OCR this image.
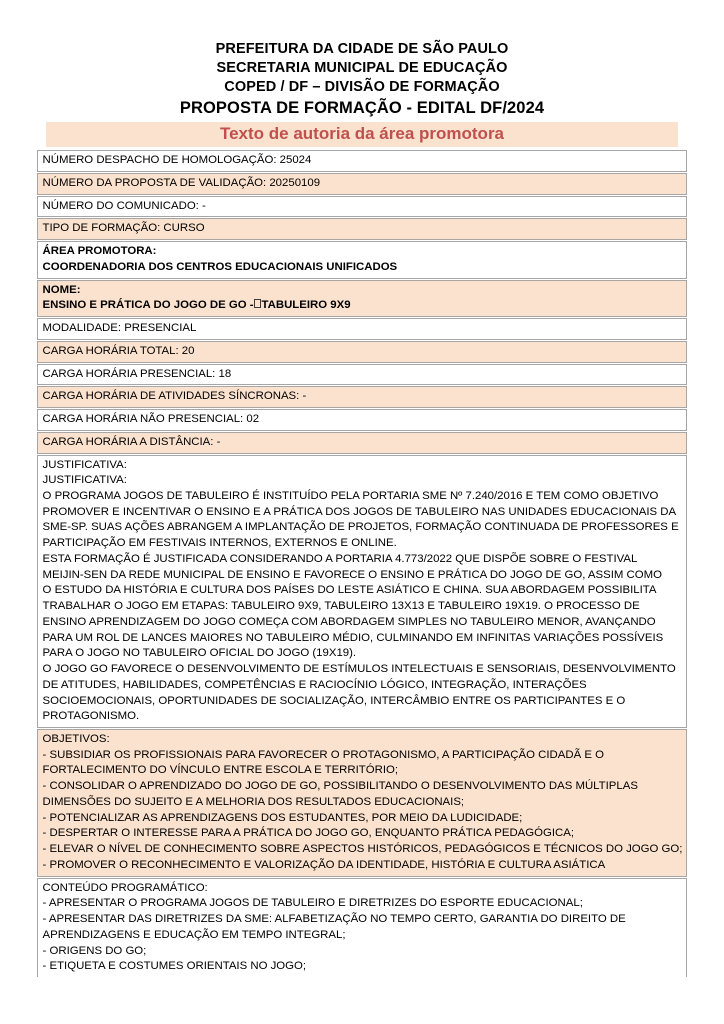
PREFEITURA DA CIDADE DE SÃO PAULO
SECRETARIA MUNICIPAL DE EDUCAÇÃO
COPED / DF – DIVISÃO DE FORMAÇÃO
PROPOSTA DE FORMAÇÃO - EDITAL DF/2024
Texto de autoria da área promotora
NÚMERO DESPACHO DE HOMOLOGAÇÃO: 25024
NÚMERO DA PROPOSTA DE VALIDAÇÃO: 20250109
NÚMERO DO COMUNICADO: -
TIPO DE FORMAÇÃO: CURSO

ÁREA PROMOTORA:
COORDENADORIA DOS CENTROS EDUCACIONAIS UNIFICADOS

NOME:
ENSINO E PRÁTICA DO JOGO DE GO - TABULEIRO 9X9

MODALIDADE: PRESENCIAL
CARGA HORÁRIA TOTAL: 20
CARGA HORÁRIA PRESENCIAL: 18
CARGA HORÁRIA DE ATIVIDADES SÍNCRONAS: -
CARGA HORÁRIA NÃO PRESENCIAL: 02
CARGA HORÁRIA A DISTÂNCIA: -

JUSTIFICATIVA:
JUSTIFICATIVA:
O PROGRAMA JOGOS DE TABULEIRO É INSTITUÍDO PELA PORTARIA SME Nº 7.240/2016 E TEM COMO OBJETIVO
PROMOVER E INCENTIVAR O ENSINO E A PRÁTICA DOS JOGOS DE TABULEIRO NAS UNIDADES EDUCACIONAIS DA
SME-SP. SUAS AÇÕES ABRANGEM A IMPLANTAÇÃO DE PROJETOS, FORMAÇÃO CONTINUADA DE PROFESSORES E
PARTICIPAÇÃO EM FESTIVAIS INTERNOS, EXTERNOS E ONLINE.
ESTA FORMAÇÃO É JUSTIFICADA CONSIDERANDO A PORTARIA 4.773/2022 QUE DISPÕE SOBRE O FESTIVAL
MEIJIN-SEN DA REDE MUNICIPAL DE ENSINO E FAVORECE O ENSINO E PRÁTICA DO JOGO DE GO, ASSIM COMO
O ESTUDO DA HISTÓRIA E CULTURA DOS PAÍSES DO LESTE ASIÁTICO E CHINA. SUA ABORDAGEM POSSIBILITA
TRABALHAR O JOGO EM ETAPAS: TABULEIRO 9X9, TABULEIRO 13X13 E TABULEIRO 19X19. O PROCESSO DE
ENSINO APRENDIZAGEM DO JOGO COMEÇA COM ABORDAGEM SIMPLES NO TABULEIRO MENOR, AVANÇANDO
PARA UM ROL DE LANCES MAIORES NO TABULEIRO MÉDIO, CULMINANDO EM INFINITAS VARIAÇÕES POSSÍVEIS
PARA O JOGO NO TABULEIRO OFICIAL DO JOGO (19X19).
O JOGO GO FAVORECE O DESENVOLVIMENTO DE ESTÍMULOS INTELECTUAIS E SENSORIAIS, DESENVOLVIMENTO
DE ATITUDES, HABILIDADES, COMPETÊNCIAS E RACIOCÍNIO LÓGICO, INTEGRAÇÃO, INTERAÇÕES
SOCIOEMOCIONAIS, OPORTUNIDADES DE SOCIALIZAÇÃO, INTERCÂMBIO ENTRE OS PARTICIPANTES E O
PROTAGONISMO.

OBJETIVOS:
- SUBSIDIAR OS PROFISSIONAIS PARA FAVORECER O PROTAGONISMO, A PARTICIPAÇÃO CIDADÃ E O
FORTALECIMENTO DO VÍNCULO ENTRE ESCOLA E TERRITÓRIO;
- CONSOLIDAR O APRENDIZADO DO JOGO DE GO, POSSIBILITANDO O DESENVOLVIMENTO DAS MÚLTIPLAS
DIMENSÕES DO SUJEITO E A MELHORIA DOS RESULTADOS EDUCACIONAIS;
- POTENCIALIZAR AS APRENDIZAGENS DOS ESTUDANTES, POR MEIO DA LUDICIDADE;
- DESPERTAR O INTERESSE PARA A PRÁTICA DO JOGO GO, ENQUANTO PRÁTICA PEDAGÓGICA;
- ELEVAR O NÍVEL DE CONHECIMENTO SOBRE ASPECTOS HISTÓRICOS, PEDAGÓGICOS E TÉCNICOS DO JOGO GO;
- PROMOVER O RECONHECIMENTO E VALORIZAÇÃO DA IDENTIDADE, HISTÓRIA E CULTURA ASIÁTICA

CONTEÚDO PROGRAMÁTICO:
- APRESENTAR O PROGRAMA JOGOS DE TABULEIRO E DIRETRIZES DO ESPORTE EDUCACIONAL;
- APRESENTAR DAS DIRETRIZES DA SME: ALFABETIZAÇÃO NO TEMPO CERTO, GARANTIA DO DIREITO DE
APRENDIZAGENS E EDUCAÇÃO EM TEMPO INTEGRAL;
- ORIGENS DO GO;
- ETIQUETA E COSTUMES ORIENTAIS NO JOGO;
